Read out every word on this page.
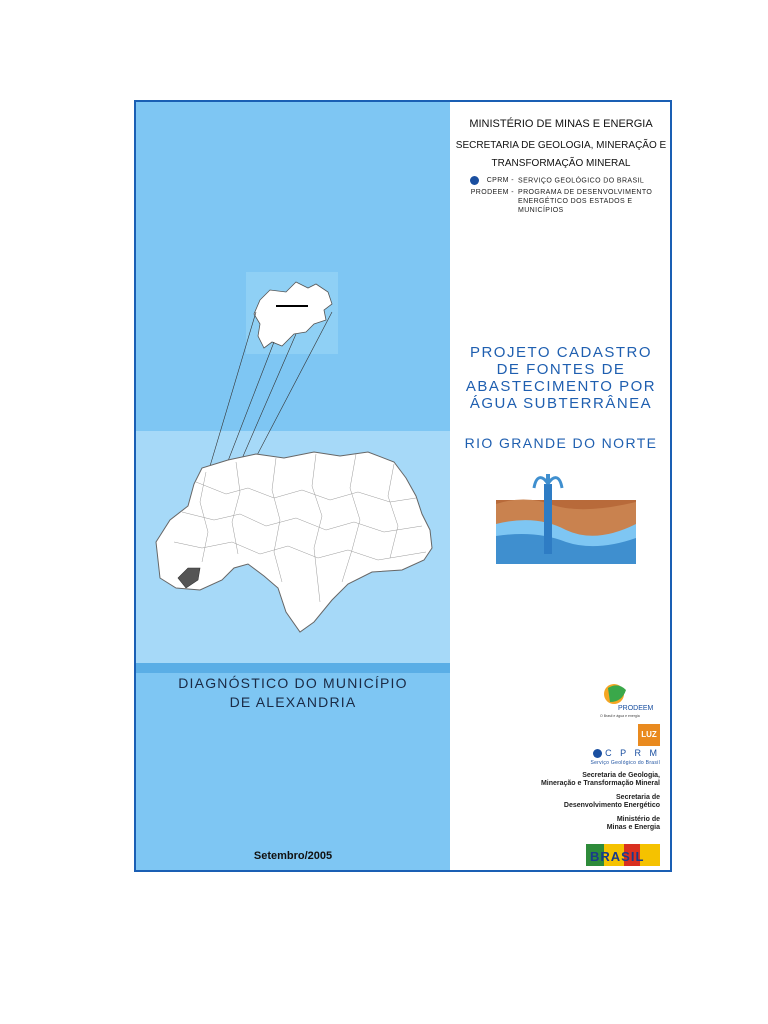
DIAGNÓSTICO DO MUNICÍPIO
DE ALEXANDRIA
Setembro/2005
MINISTÉRIO DE MINAS E ENERGIA
SECRETARIA DE GEOLOGIA, MINERAÇÃO E
TRANSFORMAÇÃO MINERAL
CPRM - SERVIÇO GEOLÓGICO DO BRASIL
PRODEEM - PROGRAMA DE DESENVOLVIMENTO ENERGÉTICO DOS ESTADOS E MUNICÍPIOS
PROJETO CADASTRO
DE FONTES DE
ABASTECIMENTO POR
ÁGUA SUBTERRÂNEA
RIO GRANDE DO NORTE
PRODEEM
O Brasil e água e energia
LUZ
C P R M
Serviço Geológico do Brasil
Secretaria de Geologia,
Mineração e Transformação Mineral
Secretaria de
Desenvolvimento Energético
Ministério de
Minas e Energia
BRASIL
